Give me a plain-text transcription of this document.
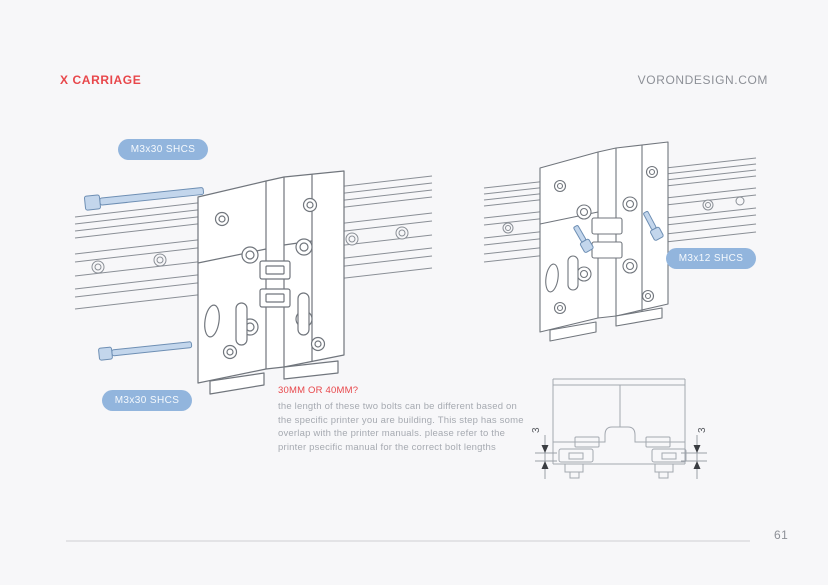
X CARRIAGE	VORONDESIGN.COM
M3x30 SHCS
M3x30 SHCS
M3x12 SHCS
30MM OR 40MM?
the length of these two bolts can be different based on
the specific printer you are building. This step has some
overlap with the printer manuals. please refer to the
printer psecific manual for the correct bolt lengths
3	3
61
